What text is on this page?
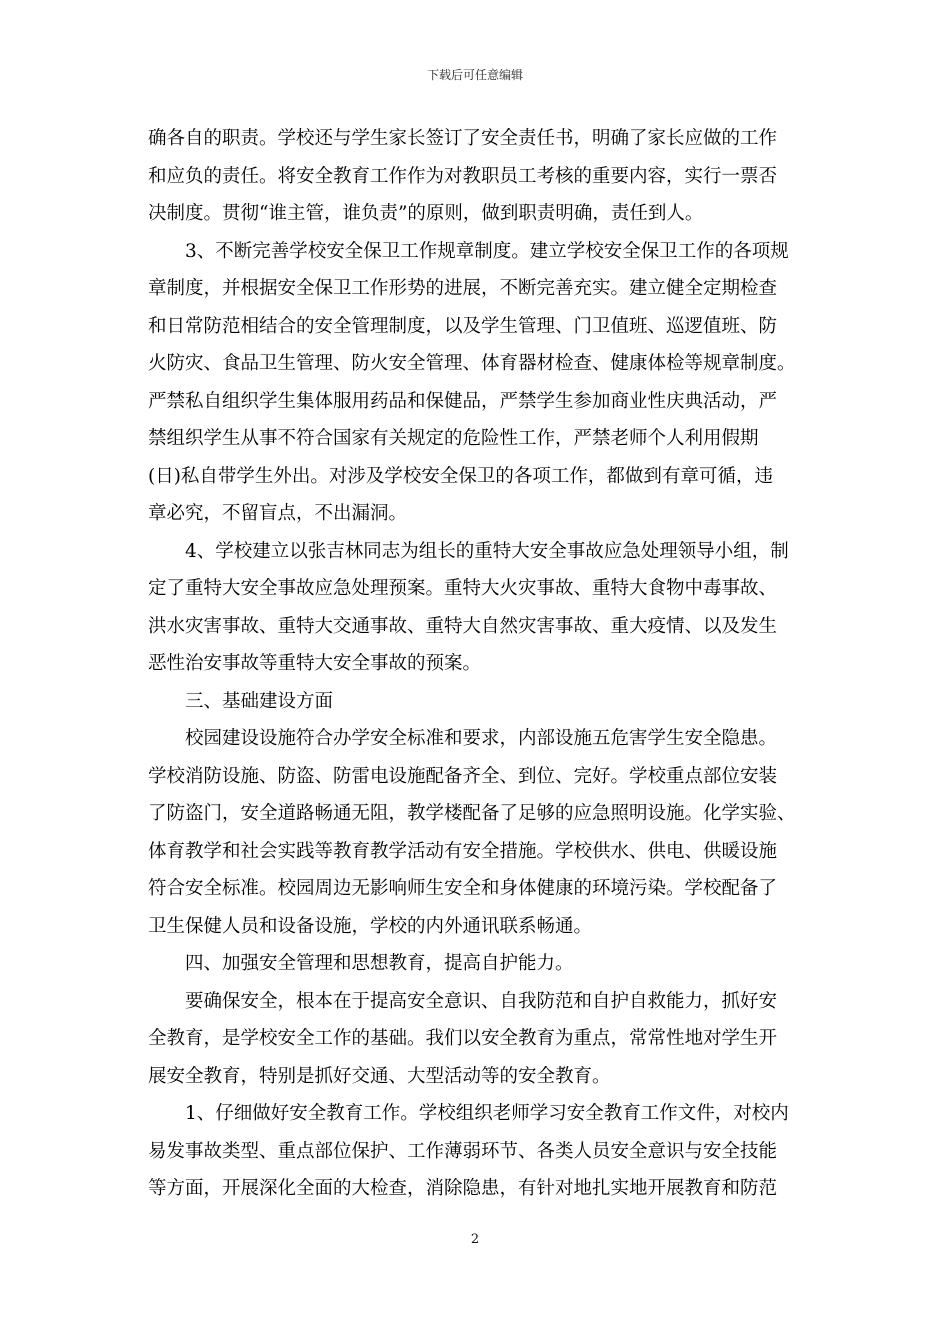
下载后可任意编辑
确各自的职责。学校还与学生家长签订了安全责任书，明确了家长应做的工作
和应负的责任。将安全教育工作作为对教职员工考核的重要内容，实行一票否
决制度。贯彻“谁主管，谁负责”的原则，做到职责明确，责任到人。
3、不断完善学校安全保卫工作规章制度。建立学校安全保卫工作的各项规
章制度，并根据安全保卫工作形势的进展，不断完善充实。建立健全定期检查
和日常防范相结合的安全管理制度，以及学生管理、门卫值班、巡逻值班、防
火防灾、食品卫生管理、防火安全管理、体育器材检查、健康体检等规章制度。
严禁私自组织学生集体服用药品和保健品，严禁学生参加商业性庆典活动，严
禁组织学生从事不符合国家有关规定的危险性工作，严禁老师个人利用假期
(日)私自带学生外出。对涉及学校安全保卫的各项工作，都做到有章可循，违
章必究，不留盲点，不出漏洞。
4、学校建立以张吉林同志为组长的重特大安全事故应急处理领导小组，制
定了重特大安全事故应急处理预案。重特大火灾事故、重特大食物中毒事故、
洪水灾害事故、重特大交通事故、重特大自然灾害事故、重大疫情、以及发生
恶性治安事故等重特大安全事故的预案。
三、基础建设方面
校园建设设施符合办学安全标准和要求，内部设施五危害学生安全隐患。
学校消防设施、防盗、防雷电设施配备齐全、到位、完好。学校重点部位安装
了防盗门，安全道路畅通无阻，教学楼配备了足够的应急照明设施。化学实验、
体育教学和社会实践等教育教学活动有安全措施。学校供水、供电、供暖设施
符合安全标准。校园周边无影响师生安全和身体健康的环境污染。学校配备了
卫生保健人员和设备设施，学校的内外通讯联系畅通。
四、加强安全管理和思想教育，提高自护能力。
要确保安全，根本在于提高安全意识、自我防范和自护自救能力，抓好安
全教育，是学校安全工作的基础。我们以安全教育为重点，常常性地对学生开
展安全教育，特别是抓好交通、大型活动等的安全教育。
1、仔细做好安全教育工作。学校组织老师学习安全教育工作文件，对校内
易发事故类型、重点部位保护、工作薄弱环节、各类人员安全意识与安全技能
等方面，开展深化全面的大检查，消除隐患，有针对地扎实地开展教育和防范
2
